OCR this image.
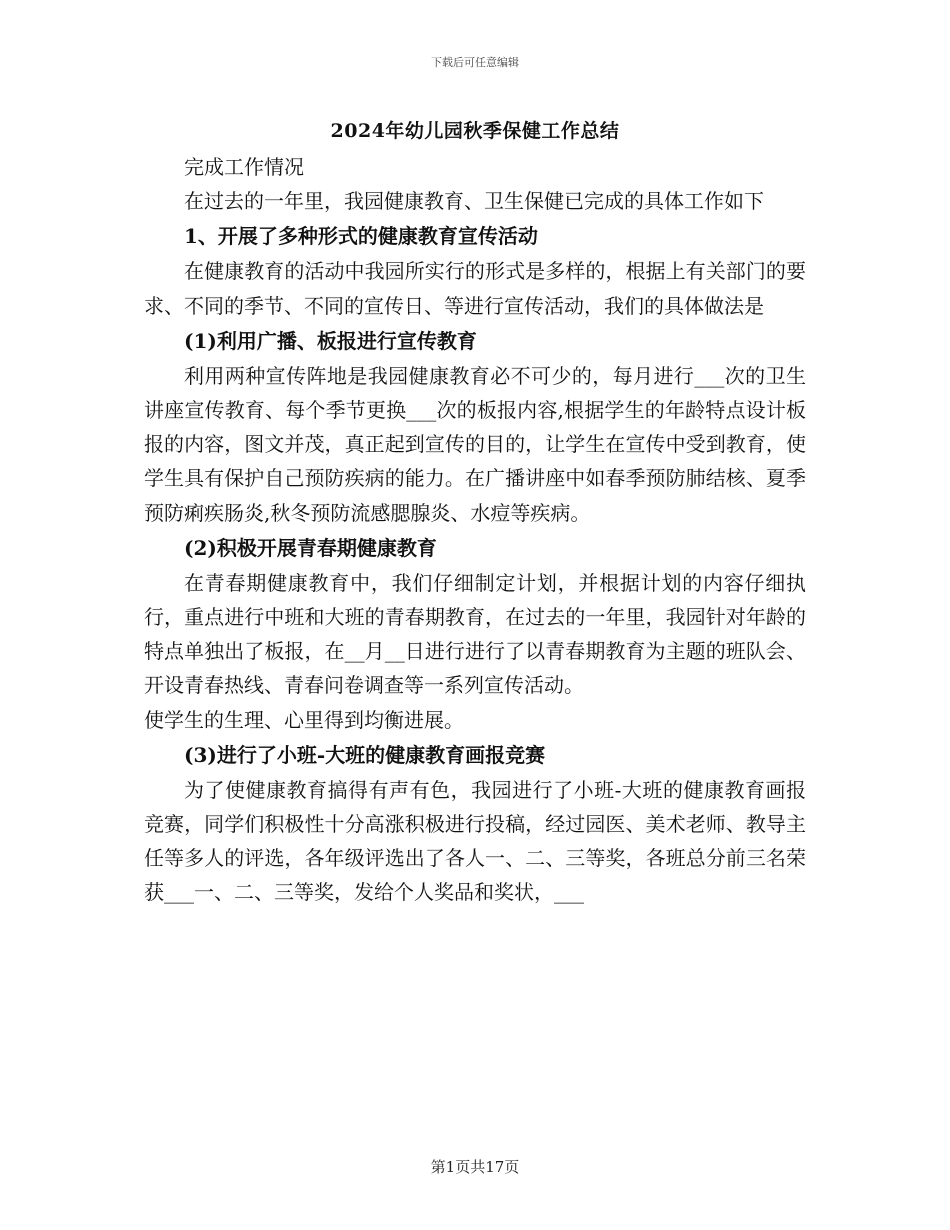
下载后可任意编辑
2024年幼儿园秋季保健工作总结

完成工作情况

在过去的一年里，我园健康教育、卫生保健已完成的具体工作如下

1、开展了多种形式的健康教育宣传活动

在健康教育的活动中我园所实行的形式是多样的，根据上有关部门的要求、不同的季节、不同的宣传日、等进行宣传活动，我们的具体做法是

(1)利用广播、板报进行宣传教育

利用两种宣传阵地是我园健康教育必不可少的，每月进行___次的卫生讲座宣传教育、每个季节更换___次的板报内容,根据学生的年龄特点设计板报的内容，图文并茂，真正起到宣传的目的，让学生在宣传中受到教育，使学生具有保护自己预防疾病的能力。在广播讲座中如春季预防肺结核、夏季预防痢疾肠炎,秋冬预防流感腮腺炎、水痘等疾病。

(2)积极开展青春期健康教育

在青春期健康教育中，我们仔细制定计划，并根据计划的内容仔细执行，重点进行中班和大班的青春期教育，在过去的一年里，我园针对年龄的特点单独出了板报，在__月__日进行进行了以青春期教育为主题的班队会、开设青春热线、青春问卷调查等一系列宣传活动。

使学生的生理、心里得到均衡进展。

(3)进行了小班-大班的健康教育画报竞赛

为了使健康教育搞得有声有色，我园进行了小班-大班的健康教育画报竞赛，同学们积极性十分高涨积极进行投稿，经过园医、美术老师、教导主任等多人的评选，各年级评选出了各人一、二、三等奖，各班总分前三名荣获___一、二、三等奖，发给个人奖品和奖状，___

第1页共17页
